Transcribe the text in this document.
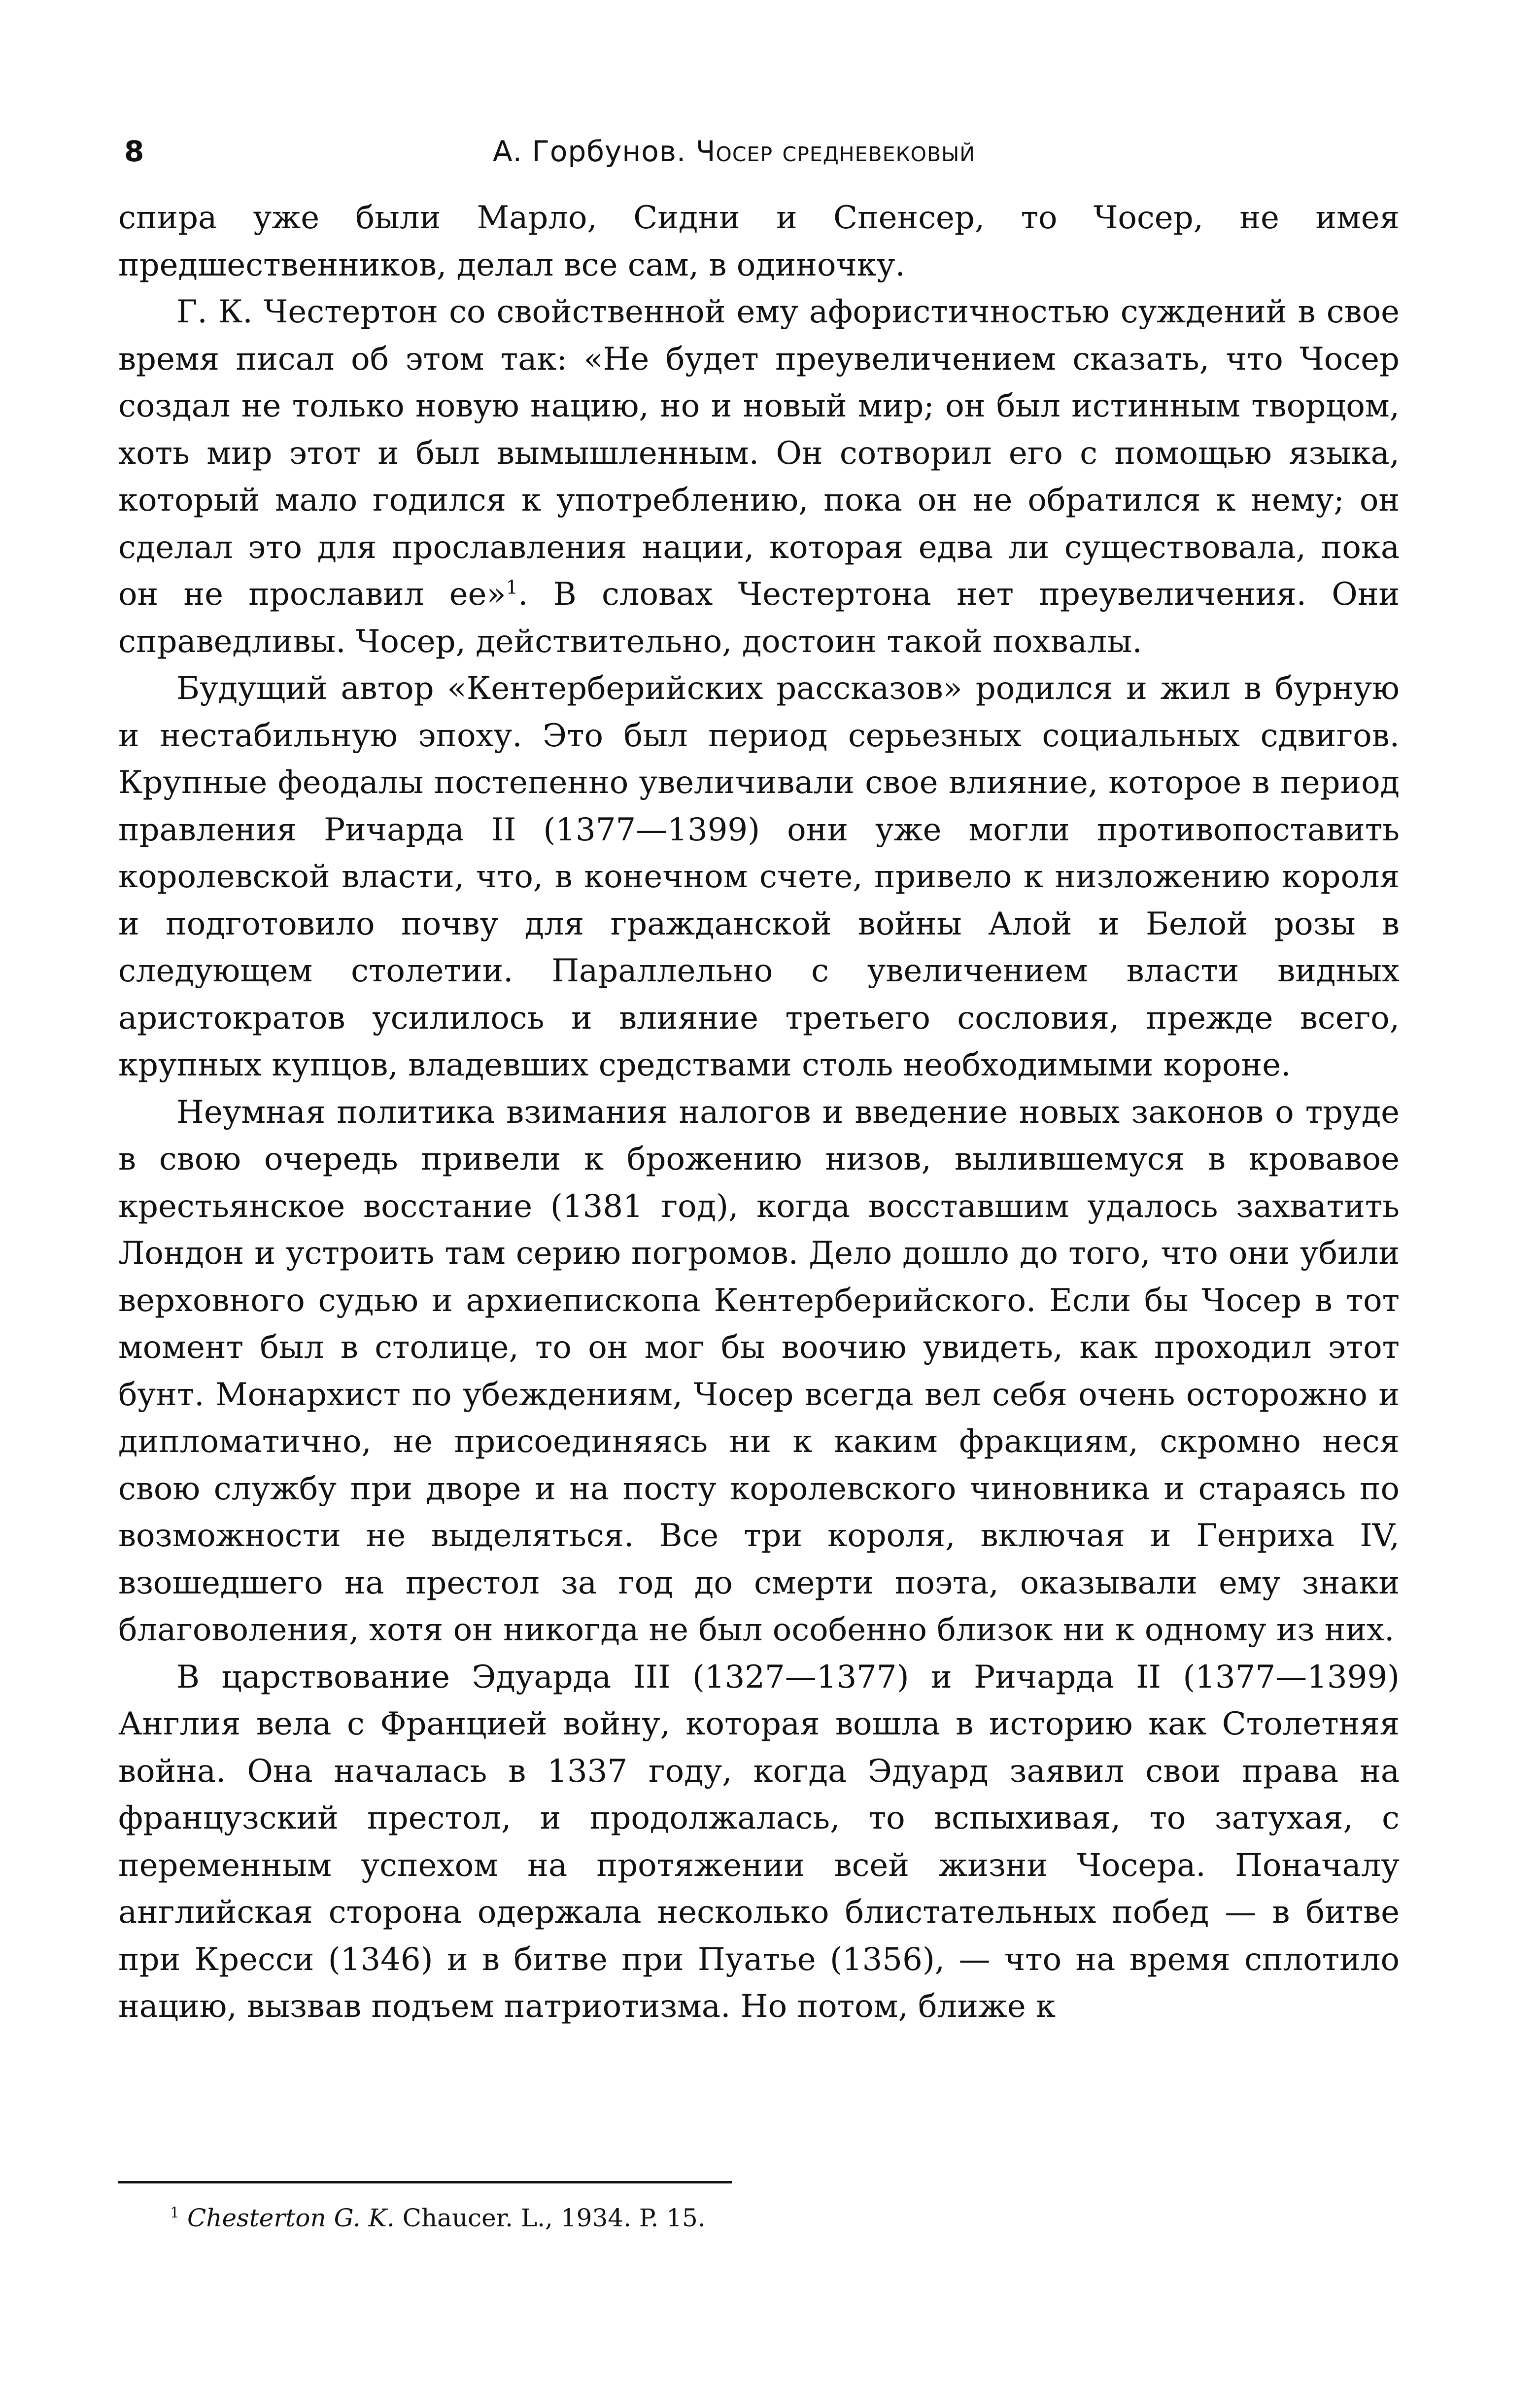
8	А. Горбунов. Чосер средневековый

спира уже были Марло, Сидни и Спенсер, то Чосер, не имея предшественников, делал все сам, в одиночку.

Г. К. Честертон со свойственной ему афористичностью суждений в свое время писал об этом так: «Не будет преувеличением сказать, что Чосер создал не только новую нацию, но и новый мир; он был истинным творцом, хоть мир этот и был вымышленным. Он сотворил его с помощью языка, который мало годился к употреблению, пока он не обратился к нему; он сделал это для прославления нации, которая едва ли существовала, пока он не прославил ее»$^1$. В словах Честертона нет преувеличения. Они справедливы. Чосер, действительно, достоин такой похвалы.

Будущий автор «Кентерберийских рассказов» родился и жил в бурную и нестабильную эпоху. Это был период серьезных социальных сдвигов. Крупные феодалы постепенно увеличивали свое влияние, которое в период правления Ричарда II (1377—1399) они уже могли противопоставить королевской власти, что, в конечном счете, привело к низложению короля и подготовило почву для гражданской войны Алой и Белой розы в следующем столетии. Параллельно с увеличением власти видных аристократов усилилось и влияние третьего сословия, прежде всего, крупных купцов, владевших средствами столь необходимыми короне.

Неумная политика взимания налогов и введение новых законов о труде в свою очередь привели к брожению низов, вылившемуся в кровавое крестьянское восстание (1381 год), когда восставшим удалось захватить Лондон и устроить там серию погромов. Дело дошло до того, что они убили верховного судью и архиепископа Кентерберийского. Если бы Чосер в тот момент был в столице, то он мог бы воочию увидеть, как проходил этот бунт. Монархист по убеждениям, Чосер всегда вел себя очень осторожно и дипломатично, не присоединяясь ни к каким фракциям, скромно неся свою службу при дворе и на посту королевского чиновника и стараясь по возможности не выделяться. Все три короля, включая и Генриха IV, взошедшего на престол за год до смерти поэта, оказывали ему знаки благоволения, хотя он никогда не был особенно близок ни к одному из них.

В царствование Эдуарда III (1327—1377) и Ричарда II (1377—1399) Англия вела с Францией войну, которая вошла в историю как Столетняя война. Она началась в 1337 году, когда Эдуард заявил свои права на французский престол, и продолжалась, то вспыхивая, то затухая, с переменным успехом на протяжении всей жизни Чосера. Поначалу английская сторона одержала несколько блистательных побед — в битве при Кресси (1346) и в битве при Пуатье (1356), — что на время сплотило нацию, вызвав подъем патриотизма. Но потом, ближе к

$^1$ Chesterton G. K. Chaucer. L., 1934. P. 15.
